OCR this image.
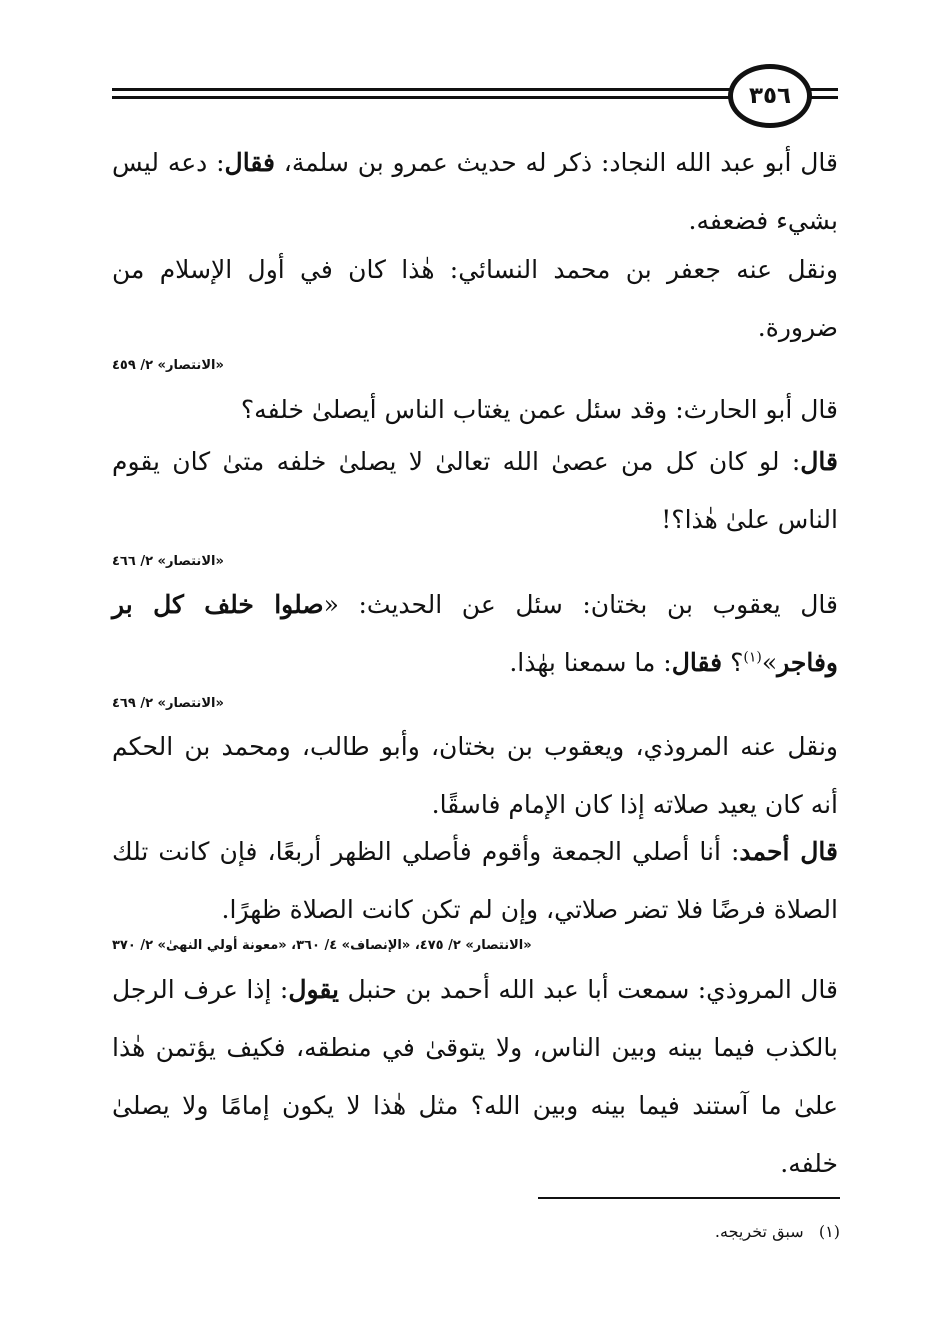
٣٥٦

قال أبو عبد الله النجاد: ذكر له حديث عمرو بن سلمة، فقال: دعه ليس بشيء فضعفه.

ونقل عنه جعفر بن محمد النسائي: هٰذا كان في أول الإسلام من ضرورة.

«الانتصار» ٢/ ٤٥٩

قال أبو الحارث: وقد سئل عمن يغتاب الناس أيصلىٰ خلفه؟

قال: لو كان كل من عصىٰ الله تعالىٰ لا يصلىٰ خلفه متىٰ كان يقوم الناس علىٰ هٰذا؟!

«الانتصار» ٢/ ٤٦٦

قال يعقوب بن بختان: سئل عن الحديث: «صلوا خلف كل بر وفاجر»$^{(١)}$؟ فقال: ما سمعنا بهٰذا.

«الانتصار» ٢/ ٤٦٩

ونقل عنه المروذي، ويعقوب بن بختان، وأبو طالب، ومحمد بن الحكم أنه كان يعيد صلاته إذا كان الإمام فاسقًا.

قال أحمد: أنا أصلي الجمعة وأقوم فأصلي الظهر أربعًا، فإن كانت تلك الصلاة فرضًا فلا تضر صلاتي، وإن لم تكن كانت الصلاة ظهرًا.

«الانتصار» ٢/ ٤٧٥، «الإنصاف» ٤/ ٣٦٠، «معونة أولي النهىٰ» ٢/ ٣٧٠

قال المروذي: سمعت أبا عبد الله أحمد بن حنبل يقول: إذا عرف الرجل بالكذب فيما بينه وبين الناس، ولا يتوقىٰ في منطقه، فكيف يؤتمن هٰذا علىٰ ما آستند فيما بينه وبين الله؟ مثل هٰذا لا يكون إمامًا ولا يصلىٰ خلفه.

(١)   سبق تخريجه.
